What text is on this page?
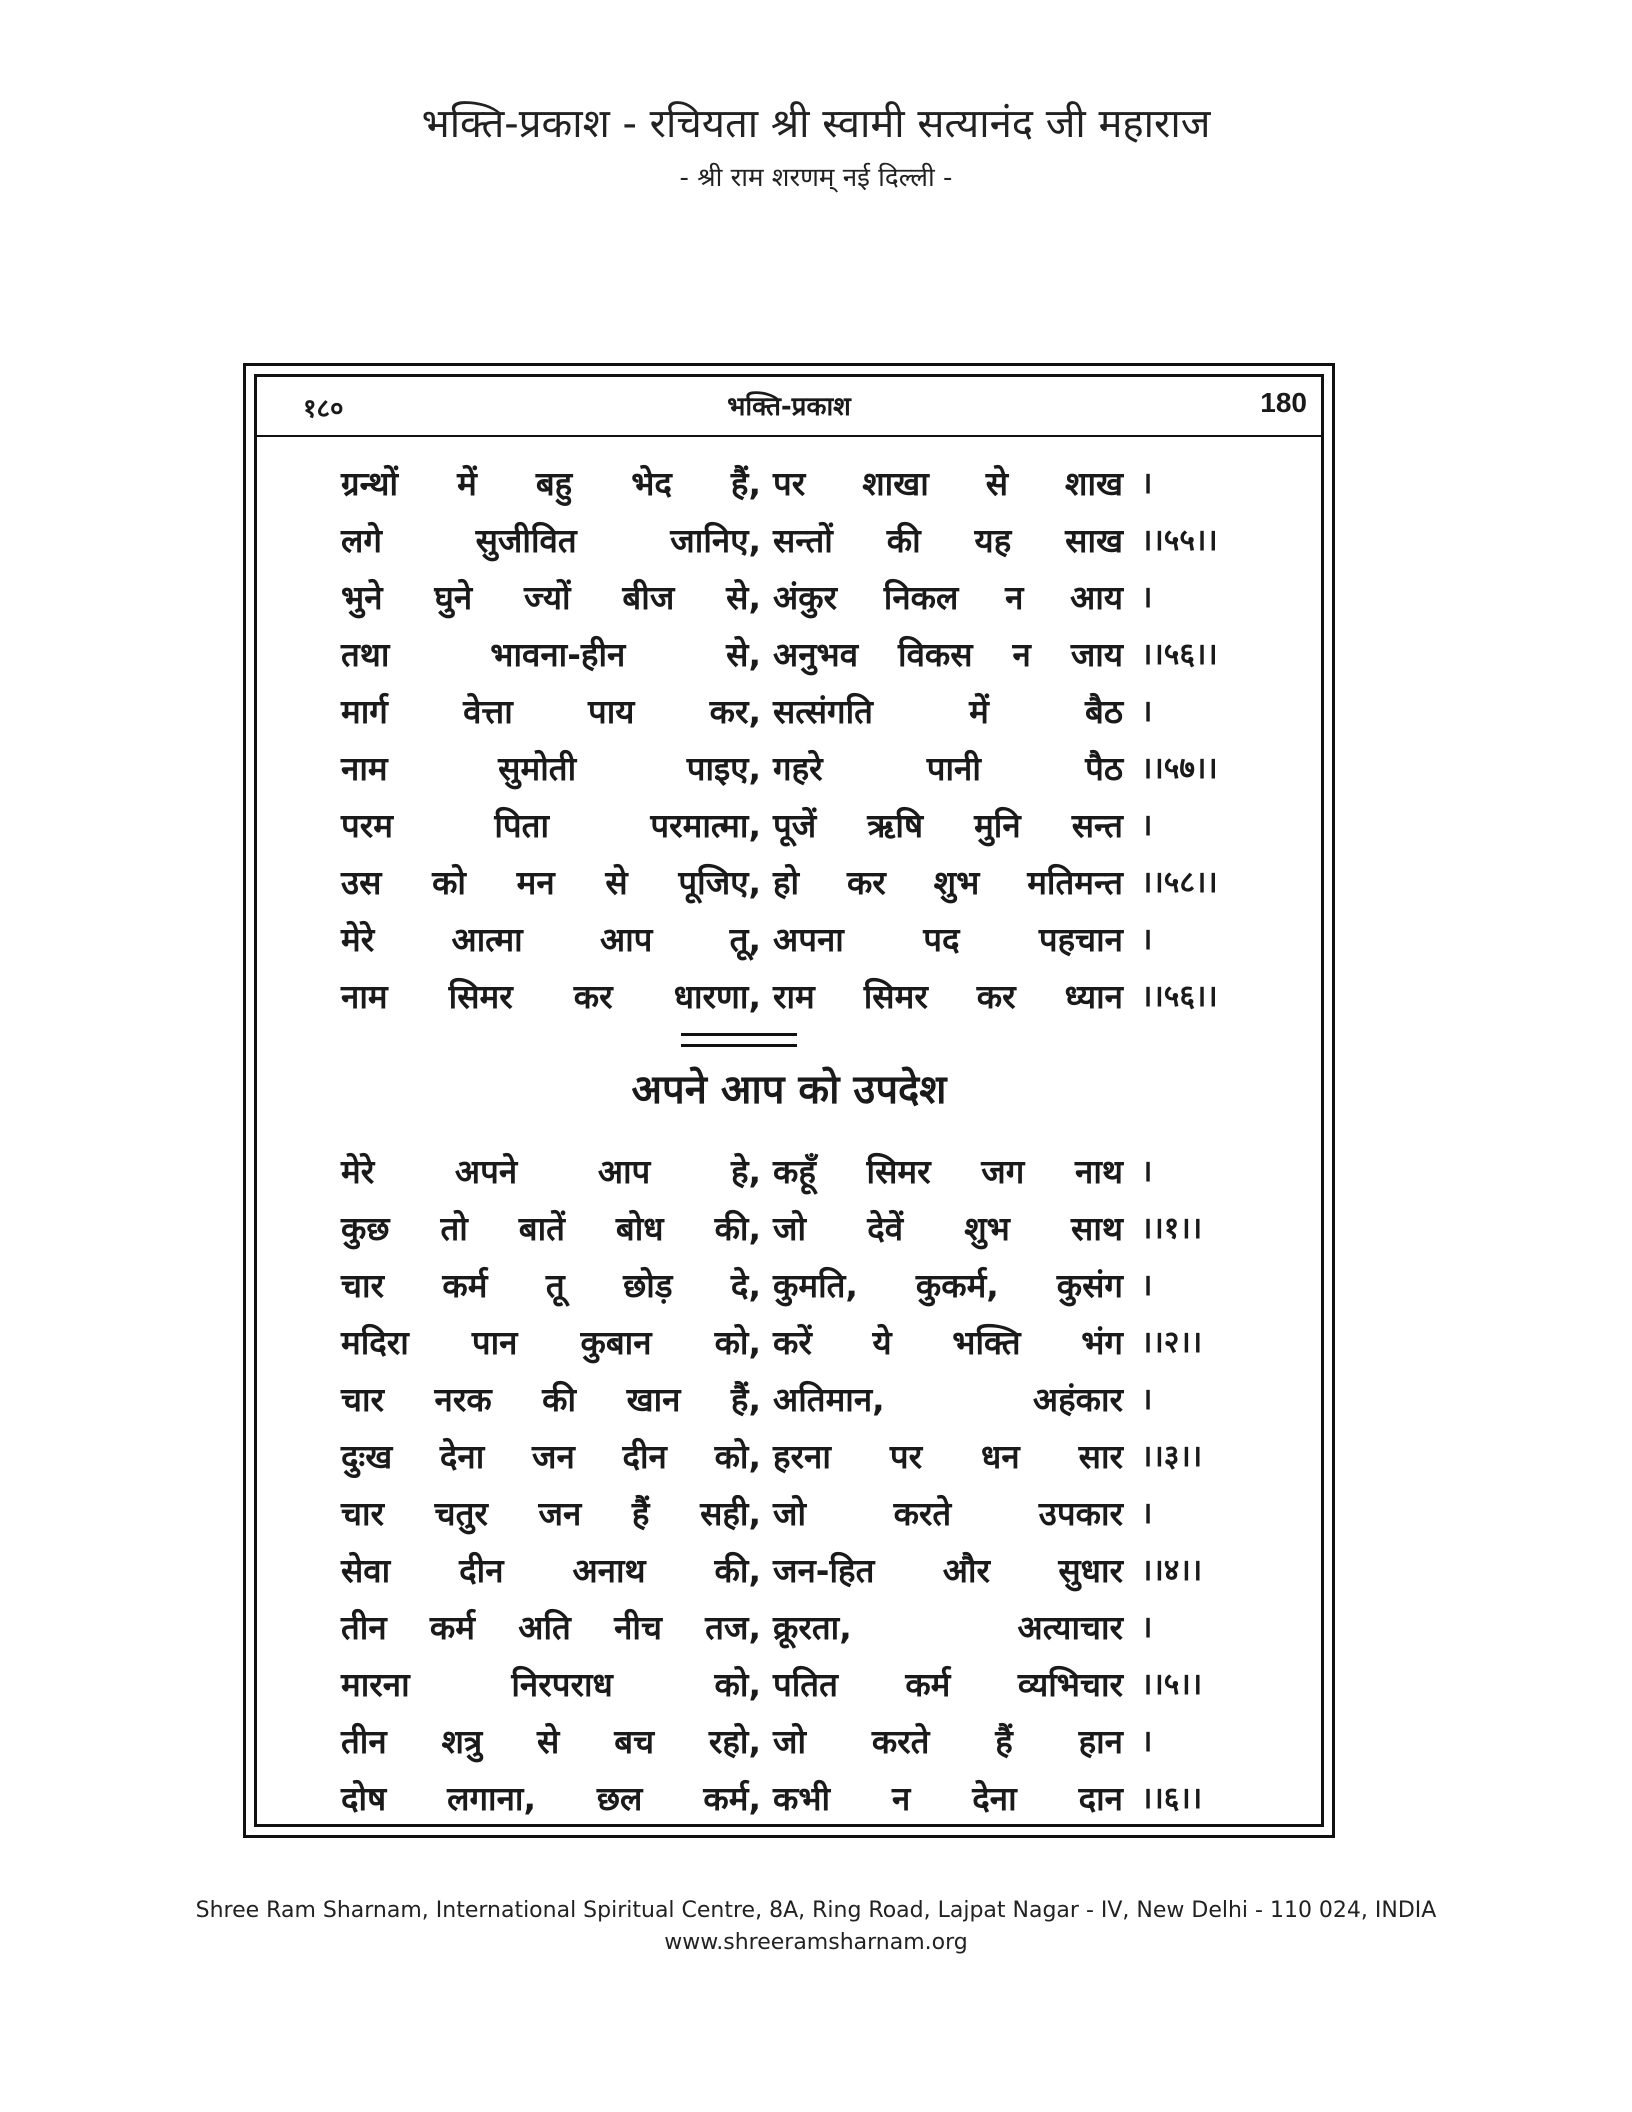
भक्ति-प्रकाश - रचियता श्री स्वामी सत्यानंद जी महाराज
- श्री राम शरणम् नई दिल्ली -
१८०	भक्ति-प्रकाश	180
ग्रन्थों में बहु भेद हैं, पर शाखा से शाख ।
लगे सुजीवित जानिए, सन्तों की यह साख ।।५५।।
भुने घुने ज्यों बीज से, अंकुर निकल न आय ।
तथा भावना-हीन से, अनुभव विकस न जाय ।।५६।।
मार्ग वेत्ता पाय कर, सत्संगति में बैठ ।
नाम सुमोती पाइए, गहरे पानी पैठ ।।५७।।
परम पिता परमात्मा, पूजें ऋषि मुनि सन्त ।
उस को मन से पूजिए, हो कर शुभ मतिमन्त ।।५८।।
मेरे आत्मा आप तू, अपना पद पहचान ।
नाम सिमर कर धारणा, राम सिमर कर ध्यान ।।५६।।
अपने आप को उपदेश
मेरे अपने आप हे, कहूँ सिमर जग नाथ ।
कुछ तो बातें बोध की, जो देवें शुभ साथ ।।१।।
चार कर्म तू छोड़ दे, कुमति, कुकर्म, कुसंग ।
मदिरा पान कुबान को, करें ये भक्ति भंग ।।२।।
चार नरक की खान हैं, अतिमान, अहंकार ।
दुःख देना जन दीन को, हरना पर धन सार ।।३।।
चार चतुर जन हैं सही, जो करते उपकार ।
सेवा दीन अनाथ की, जन-हित और सुधार ।।४।।
तीन कर्म अति नीच तज, क्रूरता, अत्याचार ।
मारना निरपराध को, पतित कर्म व्यभिचार ।।५।।
तीन शत्रु से बच रहो, जो करते हैं हान ।
दोष लगाना, छल कर्म, कभी न देना दान ।।६।।
Shree Ram Sharnam, International Spiritual Centre, 8A, Ring Road, Lajpat Nagar - IV, New Delhi - 110 024, INDIA
www.shreeramsharnam.org
